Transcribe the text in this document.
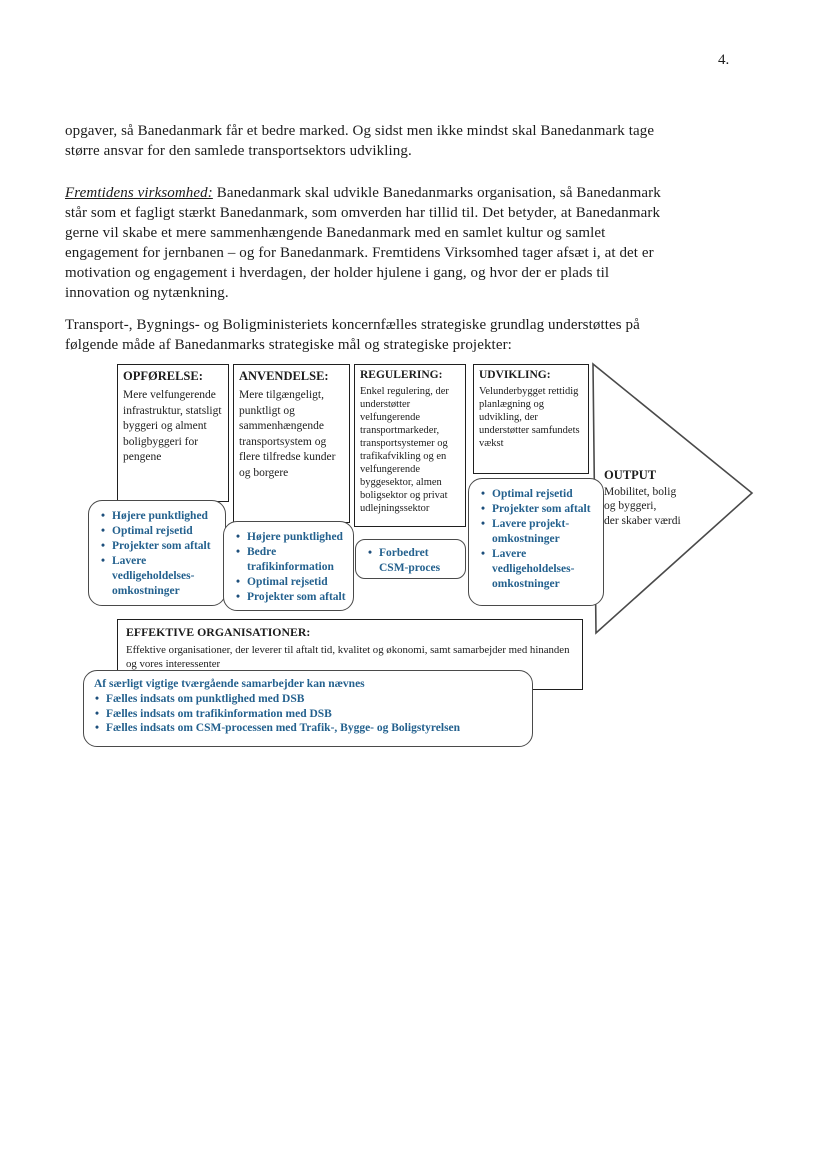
4.
opgaver, så Banedanmark får et bedre marked. Og sidst men ikke mindst skal Banedanmark tage
større ansvar for den samlede transportsektors udvikling.
Fremtidens virksomhed: Banedanmark skal udvikle Banedanmarks organisation, så Banedanmark
står som et fagligt stærkt Banedanmark, som omverden har tillid til. Det betyder, at Banedanmark
gerne vil skabe et mere sammenhængende Banedanmark med en samlet kultur og samlet
engagement for jernbanen – og for Banedanmark. Fremtidens Virksomhed tager afsæt i, at det er
motivation og engagement i hverdagen, der holder hjulene i gang, og hvor der er plads til
innovation og nytænkning.
Transport-, Bygnings- og Boligministeriets koncernfælles strategiske grundlag understøttes på
følgende måde af Banedanmarks strategiske mål og strategiske projekter:
OPFØRELSE:
Mere velfungerende infrastruktur, statsligt byggeri og alment boligbyggeri for pengene
ANVENDELSE:
Mere tilgængeligt, punktligt og sammenhængende transportsystem og flere tilfredse kunder og borgere
REGULERING:
Enkel regulering, der understøtter velfungerende transportmarkeder, transportsystemer og trafikafvikling og en velfungerende byggesektor, almen boligsektor og privat udlejningssektor
UDVIKLING:
Velunderbygget rettidig planlægning og udvikling, der understøtter samfundets vækst
• Højere punktlighed
• Optimal rejsetid
• Projekter som aftalt
• Lavere vedligeholdelses-omkostninger
• Højere punktlighed
• Bedre trafikinformation
• Optimal rejsetid
• Projekter som aftalt
• Forbedret CSM-proces
• Optimal rejsetid
• Projekter som aftalt
• Lavere projekt-omkostninger
• Lavere vedligeholdelses-omkostninger
OUTPUT
Mobilitet, bolig
og byggeri,
der skaber værdi
EFFEKTIVE ORGANISATIONER:
Effektive organisationer, der leverer til aftalt tid, kvalitet og økonomi, samt samarbejder med hinanden og vores interessenter
Af særligt vigtige tværgående samarbejder kan nævnes
• Fælles indsats om punktlighed med DSB
• Fælles indsats om trafikinformation med DSB
• Fælles indsats om CSM-processen med Trafik-, Bygge- og Boligstyrelsen
